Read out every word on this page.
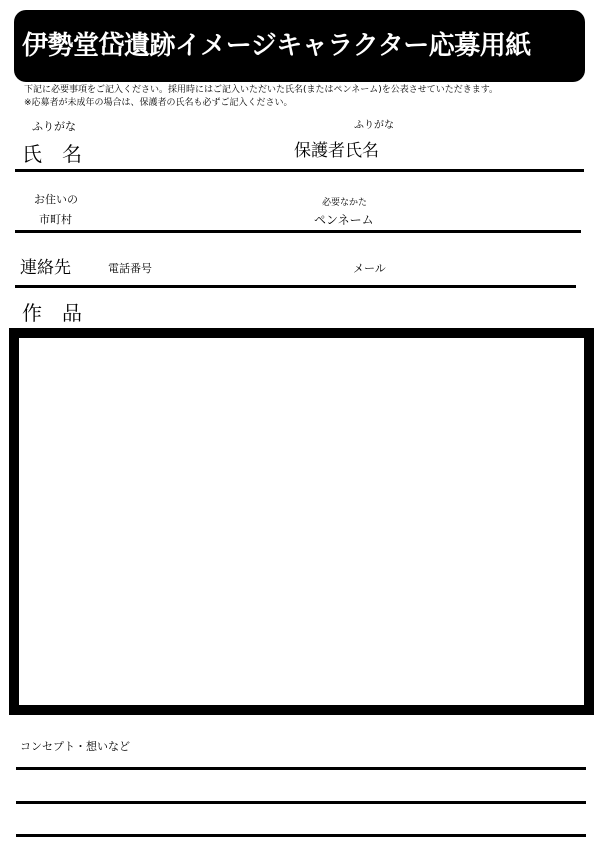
伊勢堂岱遺跡イメージキャラクター応募用紙
下記に必要事項をご記入ください。採用時にはご記入いただいた氏名(またはペンネーム)を公表させていただきます。
※応募者が未成年の場合は、保護者の氏名も必ずご記入ください。
ふりがな
氏　名
ふりがな
保護者氏名
お住いの
市町村
必要なかた
ペンネーム
連絡先	電話番号	メール
作　品
コンセプト・想いなど
